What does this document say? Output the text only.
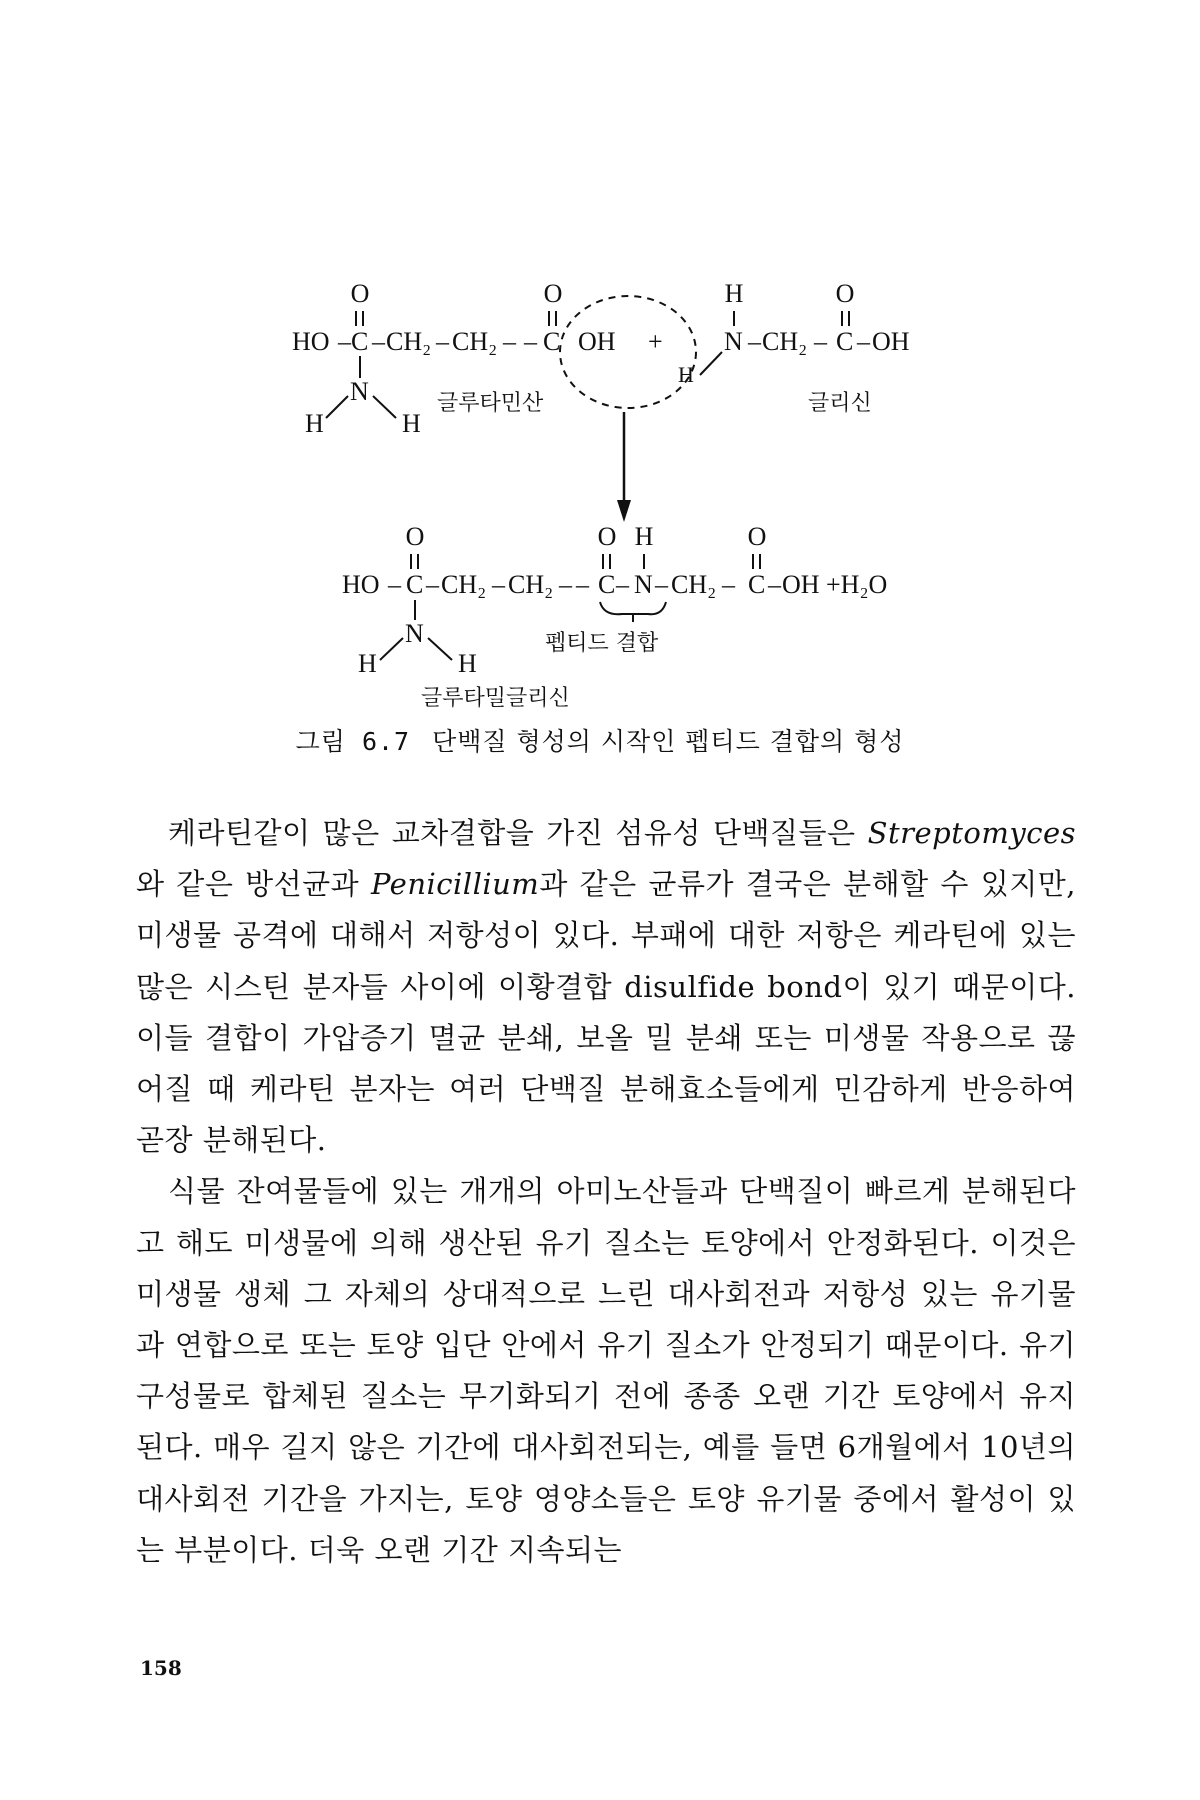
O	O	H	O
HO – C – CH₂ – CH₂ – C
– OH + N – CH₂ – C – OH
H
N
H	H
글루타민산	글리신
O	O H	O
HO – C – CH₂ – CH₂ – C
– – N – CH₂ – C – OH +H₂O
N
H	H
펩티드 결합
글루타밀글리신
그림 6.7 단백질 형성의 시작인 펩티드 결합의 형성

케라틴같이 많은 교차결합을 가진 섬유성 단백질들은 Streptomyces와 같은 방선균과 Penicillium과 같은 균류가 결국은 분해할 수 있지만, 미생물 공격에 대해서 저항성이 있다. 부패에 대한 저항은 케라틴에 있는 많은 시스틴 분자들 사이에 이황결합 disulfide bond이 있기 때문이다. 이들 결합이 가압증기 멸균 분쇄, 보올 밀 분쇄 또는 미생물 작용으로 끊어질 때 케라틴 분자는 여러 단백질 분해효소들에게 민감하게 반응하여 곧장 분해된다.

식물 잔여물들에 있는 개개의 아미노산들과 단백질이 빠르게 분해된다고 해도 미생물에 의해 생산된 유기 질소는 토양에서 안정화된다. 이것은 미생물 생체 그 자체의 상대적으로 느린 대사회전과 저항성 있는 유기물과 연합으로 또는 토양 입단 안에서 유기 질소가 안정되기 때문이다. 유기 구성물로 합체된 질소는 무기화되기 전에 종종 오랜 기간 토양에서 유지된다. 매우 길지 않은 기간에 대사회전되는, 예를 들면 6개월에서 10년의 대사회전 기간을 가지는, 토양 영양소들은 토양 유기물 중에서 활성이 있는 부분이다. 더욱 오랜 기간 지속되는

158
